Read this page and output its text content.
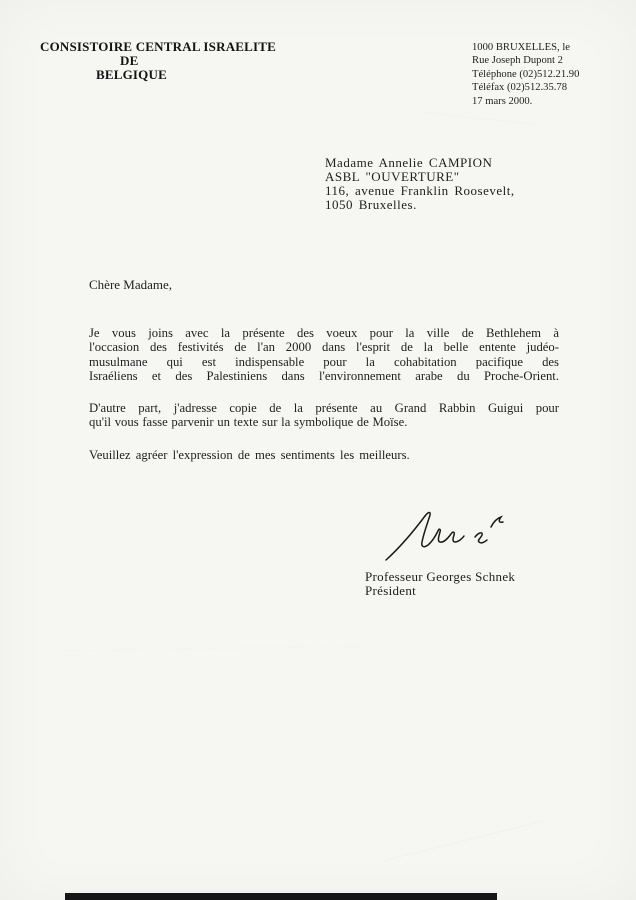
CONSISTOIRE CENTRAL ISRAELITE
DE
BELGIQUE
1000 BRUXELLES, le
Rue Joseph Dupont 2
Téléphone (02)512.21.90
Téléfax (02)512.35.78
17 mars 2000.
Madame Annelie CAMPION
ASBL "OUVERTURE"
116, avenue Franklin Roosevelt,
1050 Bruxelles.
Chère Madame,
Je vous joins avec la présente des voeux pour la ville de Bethlehem à
l'occasion des festivités de l'an 2000 dans l'esprit de la belle entente judéo-
musulmane qui est indispensable pour la cohabitation pacifique des
Israéliens et des Palestiniens dans l'environnement arabe du Proche-Orient.
D'autre part, j'adresse copie de la présente au Grand Rabbin Guigui pour
qu'il vous fasse parvenir un texte sur la symbolique de Moïse.
Veuillez agréer l'expression de mes sentiments les meilleurs.
Professeur Georges Schnek
Président
